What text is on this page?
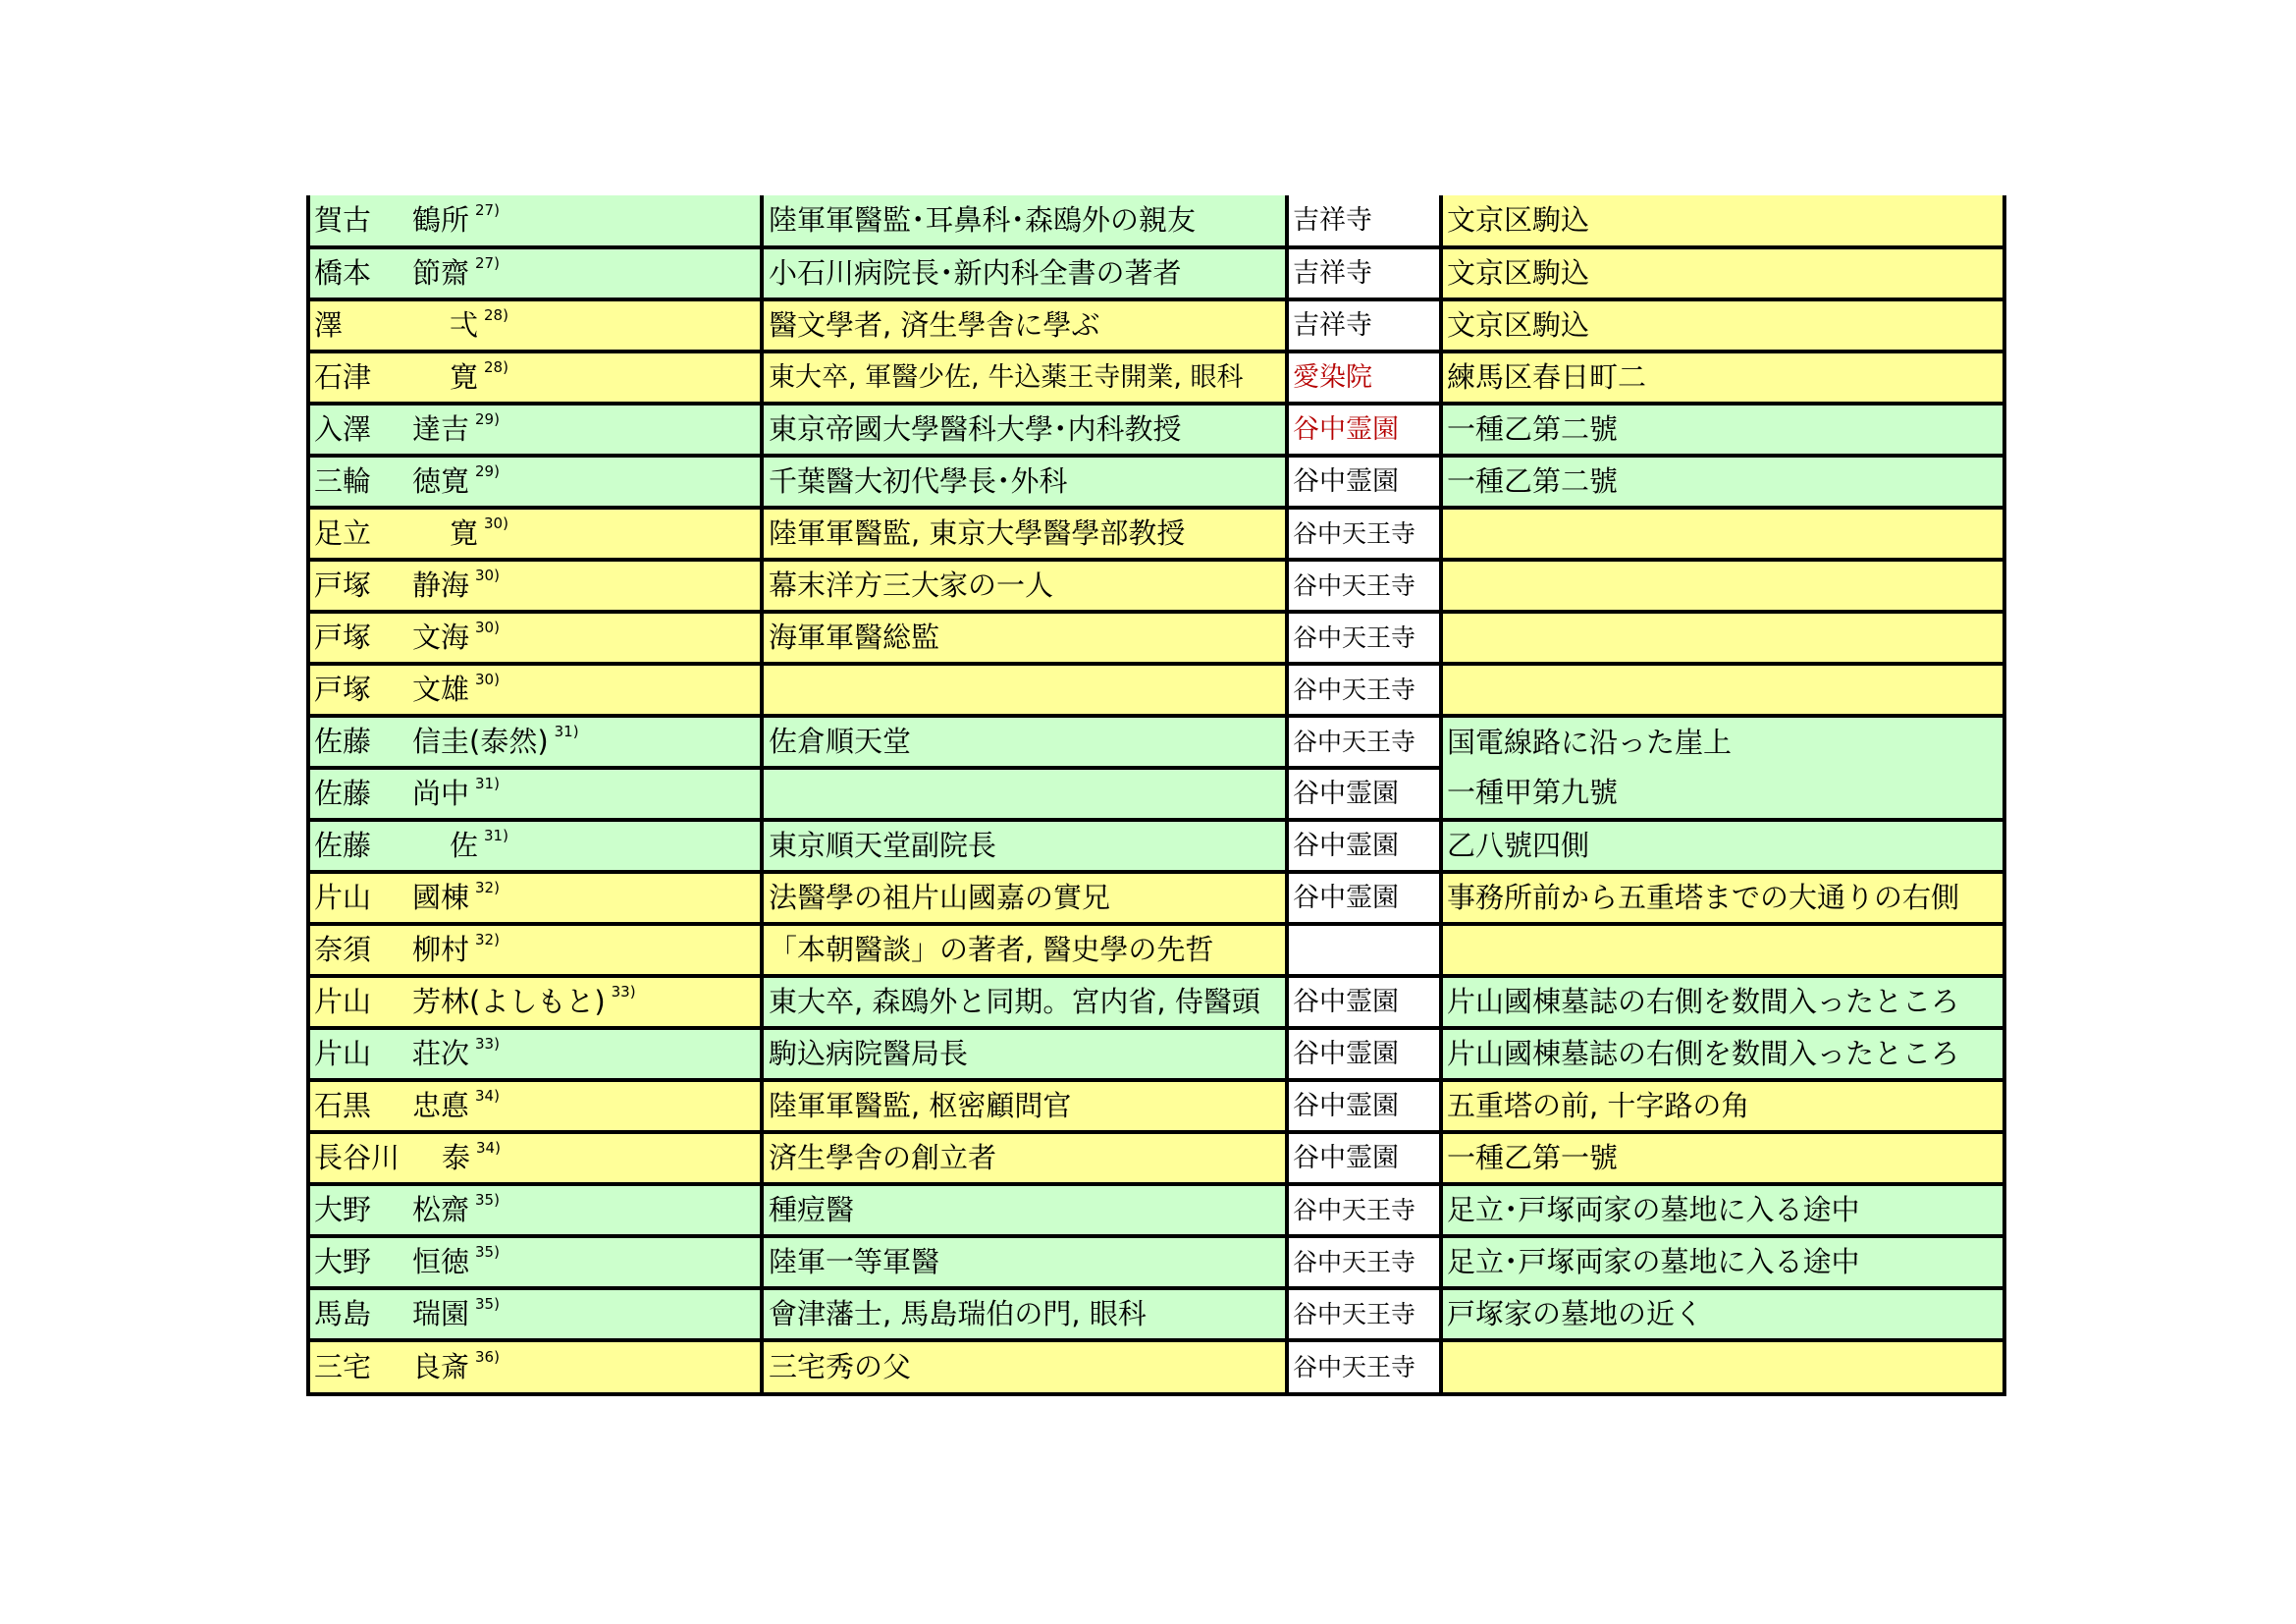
賀古 鶴所 $^{27)}$	陸軍軍醫監･耳鼻科･森鴎外の親友	吉祥寺	文京区駒込
橋本 節齋 $^{27)}$	小石川病院長･新内科全書の著者	吉祥寺	文京区駒込
澤 弌 $^{28)}$	醫文學者, 済生學舎に學ぶ	吉祥寺	文京区駒込
石津 寛 $^{28)}$	東大卒, 軍醫少佐, 牛込薬王寺開業, 眼科	愛染院	練馬区春日町二
入澤 達吉 $^{29)}$	東京帝國大學醫科大學･内科教授	谷中霊園	一種乙第二號
三輪 徳寛 $^{29)}$	千葉醫大初代學長･外科	谷中霊園	一種乙第二號
足立 寛 $^{30)}$	陸軍軍醫監, 東京大學醫學部教授	谷中天王寺	
戸塚 静海 $^{30)}$	幕末洋方三大家の一人	谷中天王寺	
戸塚 文海 $^{30)}$	海軍軍醫総監	谷中天王寺	
戸塚 文雄 $^{30)}$		谷中天王寺	
佐藤 信圭(泰然) $^{31)}$	佐倉順天堂	谷中天王寺	国電線路に沿った崖上
佐藤 尚中 $^{31)}$		谷中霊園	一種甲第九號
佐藤 佐 $^{31)}$	東京順天堂副院長	谷中霊園	乙八號四側
片山 國棟 $^{32)}$	法醫學の祖片山國嘉の實兄	谷中霊園	事務所前から五重塔までの大通りの右側
奈須 柳村 $^{32)}$	「本朝醫談」の著者, 醫史學の先哲		
片山 芳林(よしもと) $^{33)}$	東大卒, 森鴎外と同期。宮内省, 侍醫頭	谷中霊園	片山國棟墓誌の右側を数間入ったところ
片山 荘次 $^{33)}$	駒込病院醫局長	谷中霊園	片山國棟墓誌の右側を数間入ったところ
石黒 忠悳 $^{34)}$	陸軍軍醫監, 枢密顧問官	谷中霊園	五重塔の前, 十字路の角
長谷川 泰 $^{34)}$	済生學舎の創立者	谷中霊園	一種乙第一號
大野 松齋 $^{35)}$	種痘醫	谷中天王寺	足立･戸塚両家の墓地に入る途中
大野 恒徳 $^{35)}$	陸軍一等軍醫	谷中天王寺	足立･戸塚両家の墓地に入る途中
馬島 瑞園 $^{35)}$	會津藩士, 馬島瑞伯の門, 眼科	谷中天王寺	戸塚家の墓地の近く
三宅 良斎 $^{36)}$	三宅秀の父	谷中天王寺	
